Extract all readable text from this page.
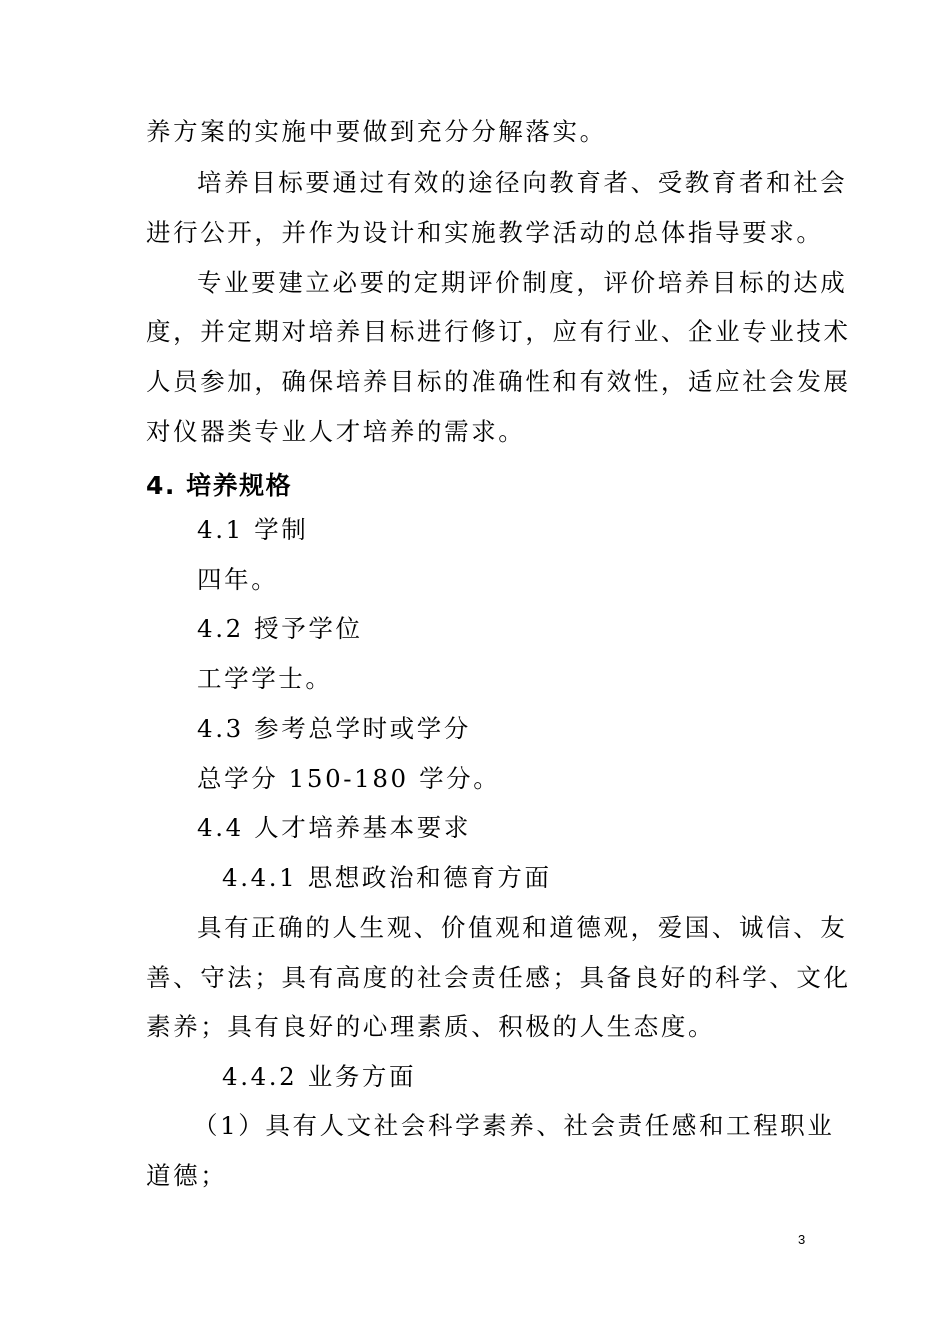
养方案的实施中要做到充分分解落实。
培养目标要通过有效的途径向教育者、受教育者和社会
进行公开，并作为设计和实施教学活动的总体指导要求。
专业要建立必要的定期评价制度，评价培养目标的达成
度，并定期对培养目标进行修订，应有行业、企业专业技术
人员参加，确保培养目标的准确性和有效性，适应社会发展
对仪器类专业人才培养的需求。
4. 培养规格
4.1 学制
四年。
4.2 授予学位
工学学士。
4.3 参考总学时或学分
总学分 150-180 学分。
4.4 人才培养基本要求
4.4.1 思想政治和德育方面
具有正确的人生观、价值观和道德观，爱国、诚信、友
善、守法；具有高度的社会责任感；具备良好的科学、文化
素养；具有良好的心理素质、积极的人生态度。
4.4.2 业务方面
（1）具有人文社会科学素养、社会责任感和工程职业
道德；
3
